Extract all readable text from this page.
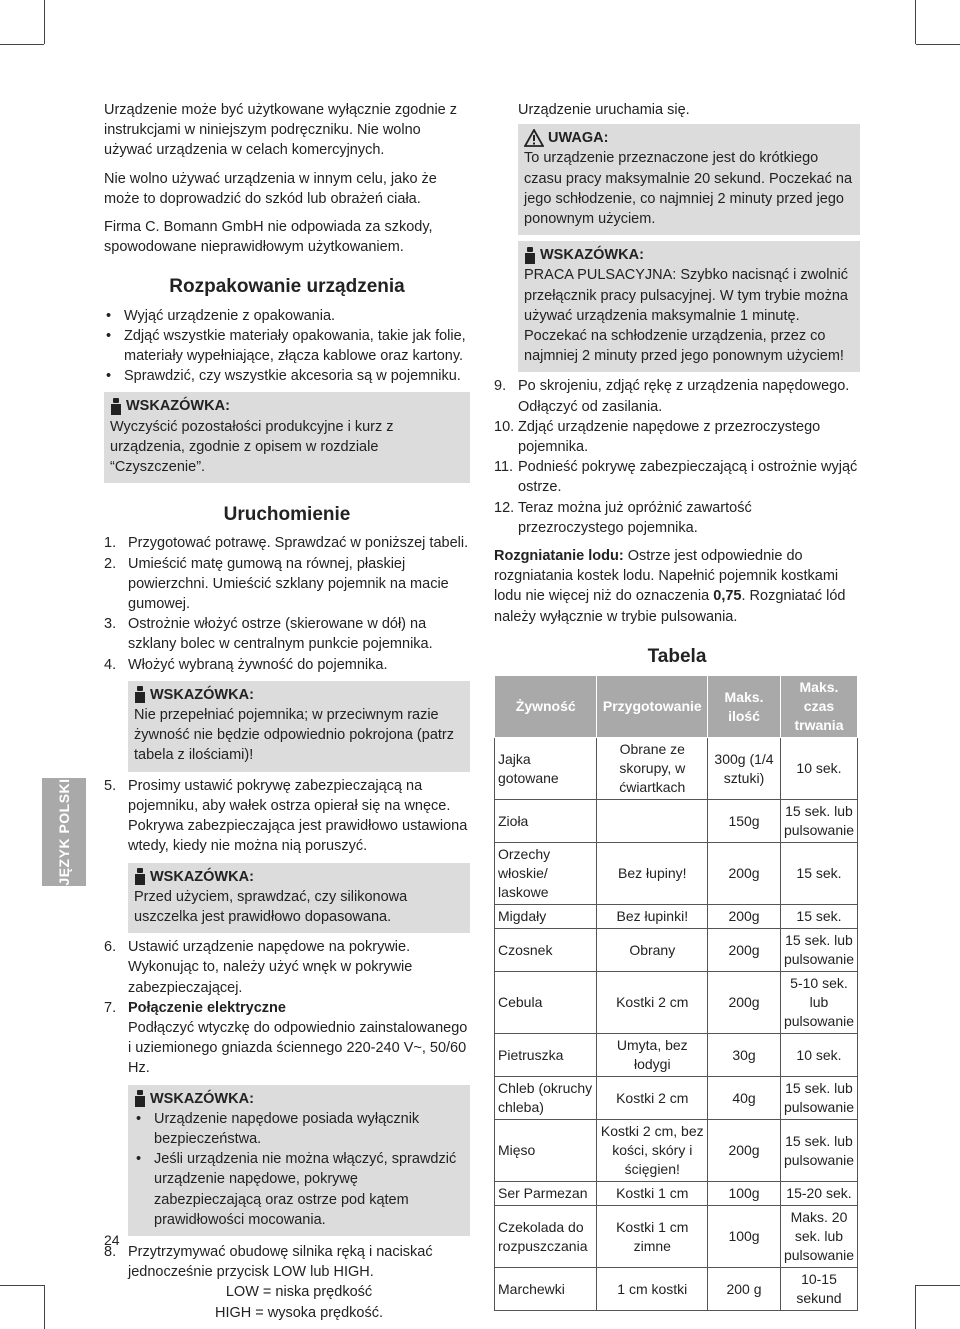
JĘZYK POLSKI

Urządzenie może być użytkowane wyłącznie zgodnie z instrukcjami w niniejszym podręczniku. Nie wolno używać urządzenia w celach komercyjnych.

Nie wolno używać urządzenia w innym celu, jako że może to doprowadzić do szkód lub obrażeń ciała.

Firma C. Bomann GmbH nie odpowiada za szkody, spowodowane nieprawidłowym użytkowaniem.

Rozpakowanie urządzenia
• Wyjąć urządzenie z opakowania.
• Zdjąć wszystkie materiały opakowania, takie jak folie, materiały wypełniające, złącza kablowe oraz kartony.
• Sprawdzić, czy wszystkie akcesoria są w pojemniku.
WSKAZÓWKA:

Wyczyścić pozostałości produkcyjne i kurz z urządzenia, zgodnie z opisem w rozdziale “Czyszczenie”.

Uruchomienie
1. Przygotować potrawę. Sprawdzać w poniższej tabeli.
2. Umieścić matę gumową na równej, płaskiej powierzchni. Umieścić szklany pojemnik na macie gumowej.
3. Ostrożnie włożyć ostrze (skierowane w dół) na szklany bolec w centralnym punkcie pojemnika.
4. Włożyć wybraną żywność do pojemnika.
WSKAZÓWKA:

Nie przepełniać pojemnika; w przeciwnym razie żywność nie będzie odpowiednio pokrojona (patrz tabela z ilościami)!

5. Prosimy ustawić pokrywę zabezpieczającą na pojemniku, aby wałek ostrza opierał się na wnęce. Pokrywa zabezpieczająca jest prawidłowo ustawiona wtedy, kiedy nie można nią poruszyć.
WSKAZÓWKA:

Przed użyciem, sprawdzać, czy silikonowa uszczelka jest prawidłowo dopasowana.

6. Ustawić urządzenie napędowe na pokrywie. Wykonując to, należy użyć wnęk w pokrywie zabezpieczającej.
7. Połączenie elektryczne
Podłączyć wtyczkę do odpowiednio zainstalowanego i uziemionego gniazda ściennego 220-240 V~, 50/60 Hz.
WSKAZÓWKA:
• Urządzenie napędowe posiada wyłącznik bezpieczeństwa.
• Jeśli urządzenia nie można włączyć, sprawdzić urządzenie napędowe, pokrywę zabezpieczającą oraz ostrze pod kątem prawidłowości mocowania.
8. Przytrzymywać obudowę silnika ręką i naciskać jednocześnie przycisk LOW lub HIGH.

LOW = niska prędkość

HIGH = wysoka prędkość.

Urządzenie uruchamia się.

UWAGA:

To urządzenie przeznaczone jest do krótkiego czasu pracy maksymalnie 20 sekund. Poczekać na jego schłodzenie, co najmniej 2 minuty przed jego ponownym użyciem.

WSKAZÓWKA:

PRACA PULSACYJNA: Szybko nacisnąć i zwolnić przełącznik pracy pulsacyjnej. W tym trybie można używać urządzenia maksymalnie 1 minutę. Poczekać na schłodzenie urządzenia, przez co najmniej 2 minuty przed jego ponownym użyciem!

9. Po skrojeniu, zdjąć rękę z urządzenia napędowego. Odłączyć od zasilania.
10. Zdjąć urządzenie napędowe z przezroczystego pojemnika.
11. Podnieść pokrywę zabezpieczającą i ostrożnie wyjąć ostrze.
12. Teraz można już opróżnić zawartość przezroczystego pojemnika.

Rozgniatanie lodu: Ostrze jest odpowiednie do rozgniatania kostek lodu. Napełnić pojemnik kostkami lodu nie więcej niż do oznaczenia 0,75. Rozgniatać lód należy wyłącznie w trybie pulsowania.

Tabela
Żywność	Przygotowanie	Maks. ilość	Maks. czas trwania
Jajka gotowane	Obrane ze skorupy, w ćwiartkach	300g (1/4 sztuki)	10 sek.
Zioła		150g	15 sek. lub pulsowanie
Orzechy włoskie/ laskowe	Bez łupiny!	200g	15 sek.
Migdały	Bez łupinki!	200g	15 sek.
Czosnek	Obrany	200g	15 sek. lub pulsowanie
Cebula	Kostki 2 cm	200g	5-10 sek. lub pulsowanie
Pietruszka	Umyta, bez łodygi	30g	10 sek.
Chleb (okruchy chleba)	Kostki 2 cm	40g	15 sek. lub pulsowanie
Mięso	Kostki 2 cm, bez kości, skóry i ścięgien!	200g	15 sek. lub pulsowanie
Ser Parmezan	Kostki 1 cm	100g	15-20 sek.
Czekolada do rozpuszczania	Kostki 1 cm zimne	100g	Maks. 20 sek. lub pulsowanie
Marchewki	1 cm kostki	200 g	10-15 sekund
24
